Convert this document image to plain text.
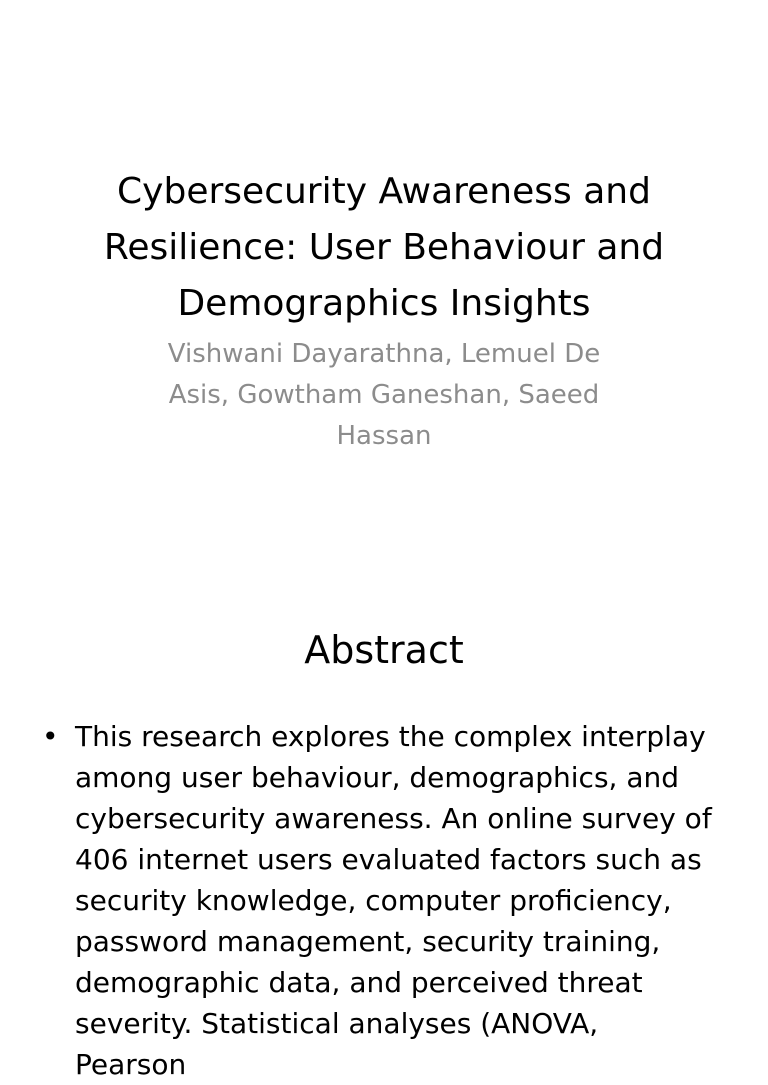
Cybersecurity Awareness and Resilience: User Behaviour and Demographics Insights

Vishwani Dayarathna, Lemuel De Asis, Gowtham Ganeshan, Saeed Hassan

Abstract
• This research explores the complex interplay among user behaviour, demographics, and cybersecurity awareness. An online survey of 406 internet users evaluated factors such as security knowledge, computer proficiency, password management, security training, demographic data, and perceived threat severity. Statistical analyses (ANOVA, Pearson
